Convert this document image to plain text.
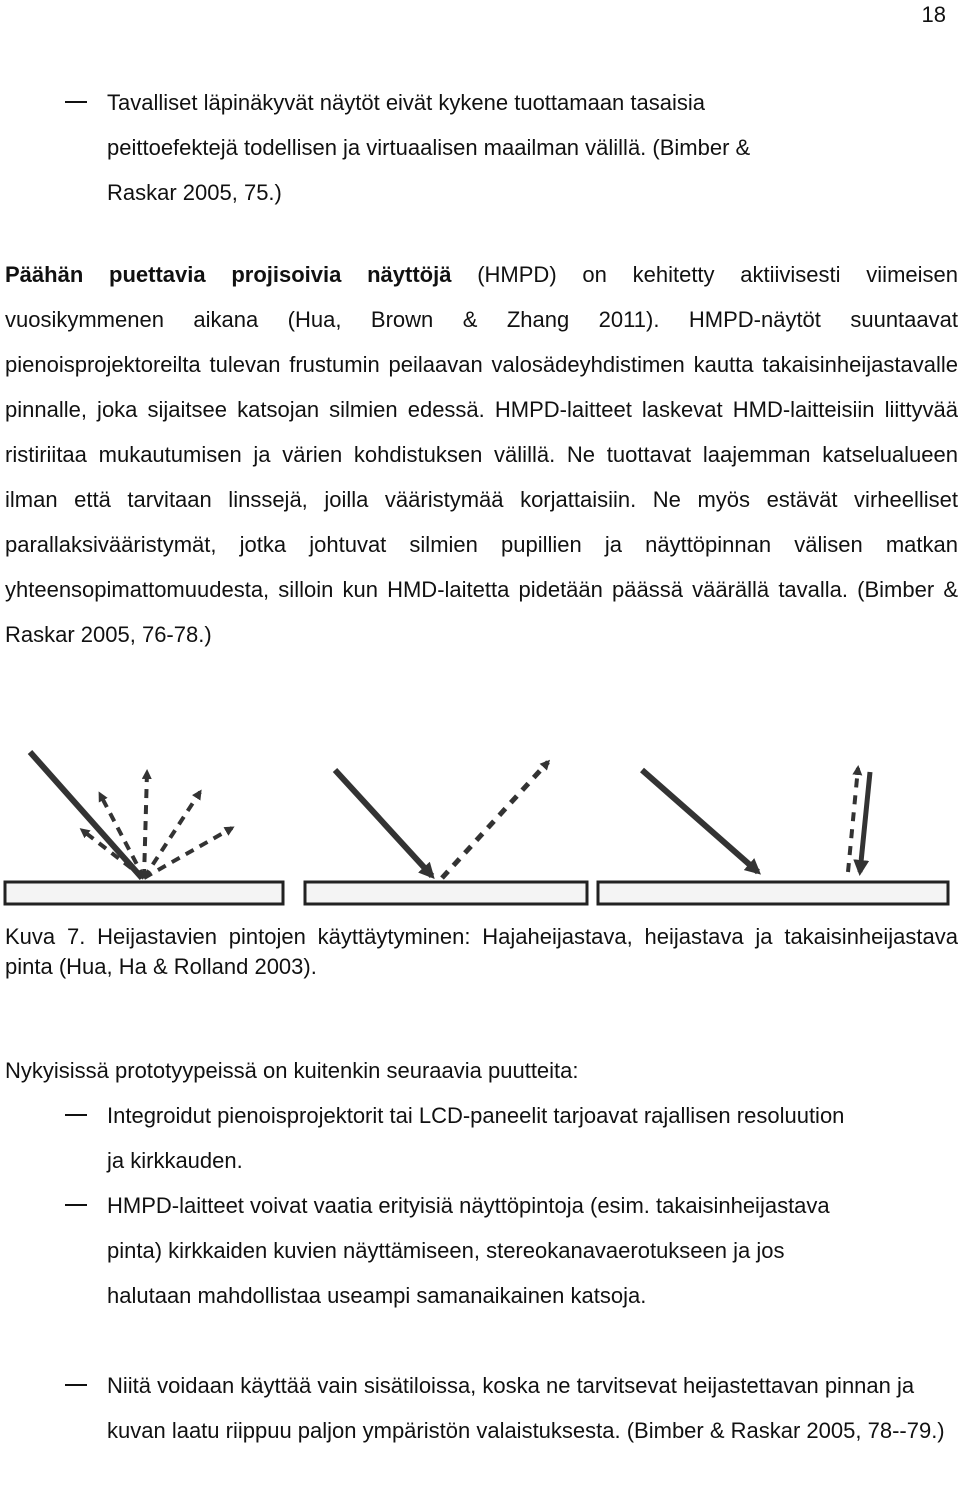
18
Tavalliset läpinäkyvät näytöt eivät kykene tuottamaan tasaisia peittoefektejä todellisen ja virtuaalisen maailman välillä. (Bimber & Raskar 2005, 75.)
Päähän puettavia projisoivia näyttöjä (HMPD) on kehitetty aktiivisesti viimeisen vuosikymmenen aikana (Hua, Brown & Zhang 2011). HMPD-näytöt suuntaavat pienoisprojektoreilta tulevan frustumin peilaavan valosädeyhdistimen kautta takaisinheijastavalle pinnalle, joka sijaitsee katsojan silmien edessä. HMPD-laitteet laskevat HMD-laitteisiin liittyvää ristiriitaa mukautumisen ja värien kohdistuksen välillä. Ne tuottavat laajemman katselualueen ilman että tarvitaan linssejä, joilla vääristymää korjattaisiin. Ne myös estävät virheelliset parallaksivääristymät, jotka johtuvat silmien pupillien ja näyttöpinnan välisen matkan yhteensopimattomuudesta, silloin kun HMD-laitetta pidetään päässä väärällä tavalla. (Bimber & Raskar 2005, 76-78.)
Kuva 7. Heijastavien pintojen käyttäytyminen: Hajaheijastava, heijastava ja takaisinheijastava pinta (Hua, Ha & Rolland 2003).
Nykyisissä prototyypeissä on kuitenkin seuraavia puutteita:
Integroidut pienoisprojektorit tai LCD-paneelit tarjoavat rajallisen resoluution ja kirkkauden.
HMPD-laitteet voivat vaatia erityisiä näyttöpintoja (esim. takaisinheijastava pinta) kirkkaiden kuvien näyttämiseen, stereokanavaerotukseen ja jos halutaan mahdollistaa useampi samanaikainen katsoja.
Niitä voidaan käyttää vain sisätiloissa, koska ne tarvitsevat heijastettavan pinnan ja kuvan laatu riippuu paljon ympäristön valaistuksesta. (Bimber & Raskar 2005, 78--79.)
